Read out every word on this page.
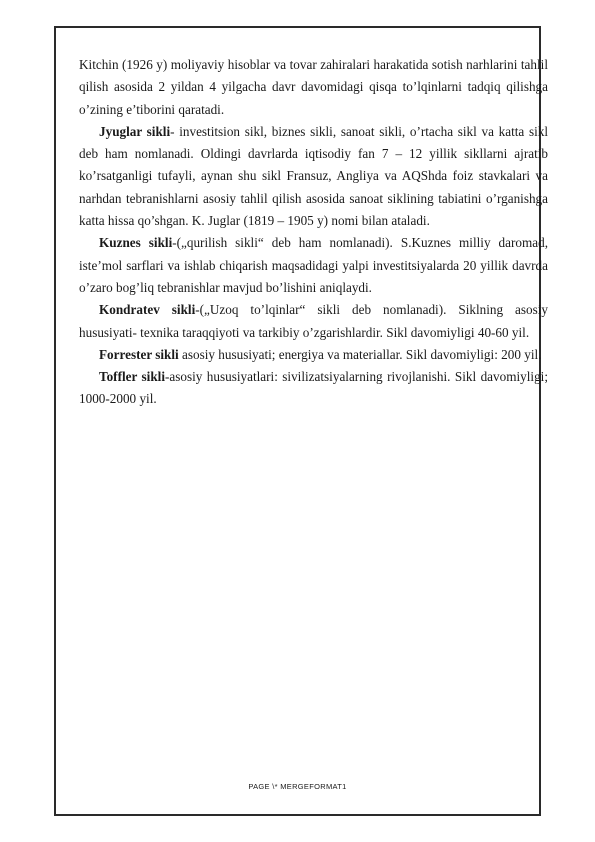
Kitchin (1926 y) moliyaviy hisoblar va tovar zahiralari harakatida sotish narhlarini tahlil qilish asosida 2 yildan 4 yilgacha davr davomidagi qisqa to’lqinlarni tadqiq qilishga o’zining e’tiborini qaratadi.

Jyuglar sikli- investitsion sikl, biznes sikli, sanoat sikli, o’rtacha sikl va katta sikl deb ham nomlanadi. Oldingi davrlarda iqtisodiy fan 7 – 12 yillik sikllarni ajratib ko’rsatganligi tufayli, aynan shu sikl Fransuz, Angliya va AQShda foiz stavkalari va narhdan tebranishlarni asosiy tahlil qilish asosida sanoat siklining tabiatini o’rganishga katta hissa qo’shgan. K. Juglar (1819 – 1905 y) nomi bilan ataladi.

Kuznes sikli-(„qurilish sikli“ deb ham nomlanadi). S.Kuznes milliy daromad, iste’mol sarflari va ishlab chiqarish maqsadidagi yalpi investitsiyalarda 20 yillik davrda o’zaro bog’liq tebranishlar mavjud bo’lishini aniqlaydi.

Kondratev sikli-(„Uzoq to’lqinlar“ sikli deb nomlanadi). Siklning asosiy hususiyati- texnika taraqqiyoti va tarkibiy o’zgarishlardir. Sikl davomiyligi 40-60 yil.

Forrester sikli asosiy hususiyati; energiya va materiallar. Sikl davomiyligi: 200 yil.

Toffler sikli-asosiy hususiyatlari: sivilizatsiyalarning rivojlanishi. Sikl davomiyligi; 1000-2000 yil.

PAGE \* MERGEFORMAT1
